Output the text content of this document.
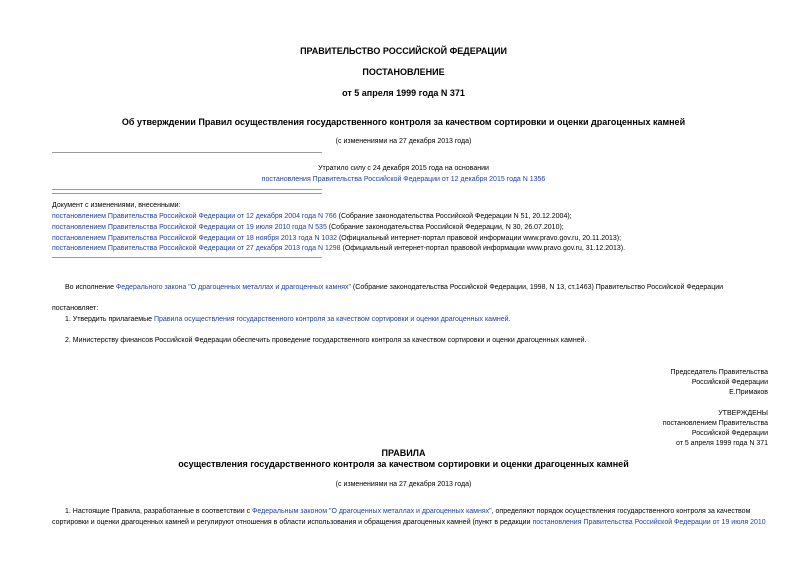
ПРАВИТЕЛЬСТВО РОССИЙСКОЙ ФЕДЕРАЦИИ
ПОСТАНОВЛЕНИЕ
от 5 апреля 1999 года N 371
Об утверждении Правил осуществления государственного контроля за качеством сортировки и оценки драгоценных камней
(с изменениями на 27 декабря 2013 года)
Утратило силу с 24 декабря 2015 года на основании
постановления Правительства Российской Федерации от 12 декабря 2015 года N 1356
Документ с изменениями, внесенными:
постановлением Правительства Российской Федерации от 12 декабря 2004 года N 766 (Собрание законодательства Российской Федерации N 51, 20.12.2004);
постановлением Правительства Российской Федерации от 19 июля 2010 года N 535 (Собрание законодательства Российской Федерации, N 30, 26.07.2010);
постановлением Правительства Российской Федерации от 18 ноября 2013 года N 1032 (Официальный интернет-портал правовой информации www.pravo.gov.ru, 20.11.2013);
постановлением Правительства Российской Федерации от 27 декабря 2013 года N 1298 (Официальный интернет-портал правовой информации www.pravo.gov.ru, 31.12.2013).
Во исполнение Федерального закона "О драгоценных металлах и драгоценных камнях" (Собрание законодательства Российской Федерации, 1998, N 13, ст.1463) Правительство Российской Федерации
постановляет:
1. Утвердить прилагаемые Правила осуществления государственного контроля за качеством сортировки и оценки драгоценных камней.
2. Министерству финансов Российской Федерации обеспечить проведение государственного контроля за качеством сортировки и оценки драгоценных камней.
Председатель Правительства
Российской Федерации
Е.Примаков
УТВЕРЖДЕНЫ
постановлением Правительства
Российской Федерации
от 5 апреля 1999 года N 371
ПРАВИЛА
осуществления государственного контроля за качеством сортировки и оценки драгоценных камней
(с изменениями на 27 декабря 2013 года)
1. Настоящие Правила, разработанные в соответствии с Федеральным законом "О драгоценных металлах и драгоценных камнях", определяют порядок осуществления государственного контроля за качеством
сортировки и оценки драгоценных камней и регулируют отношения в области использования и обращения драгоценных камней (пункт в редакции постановления Правительства Российской Федерации от 19 июля 2010
